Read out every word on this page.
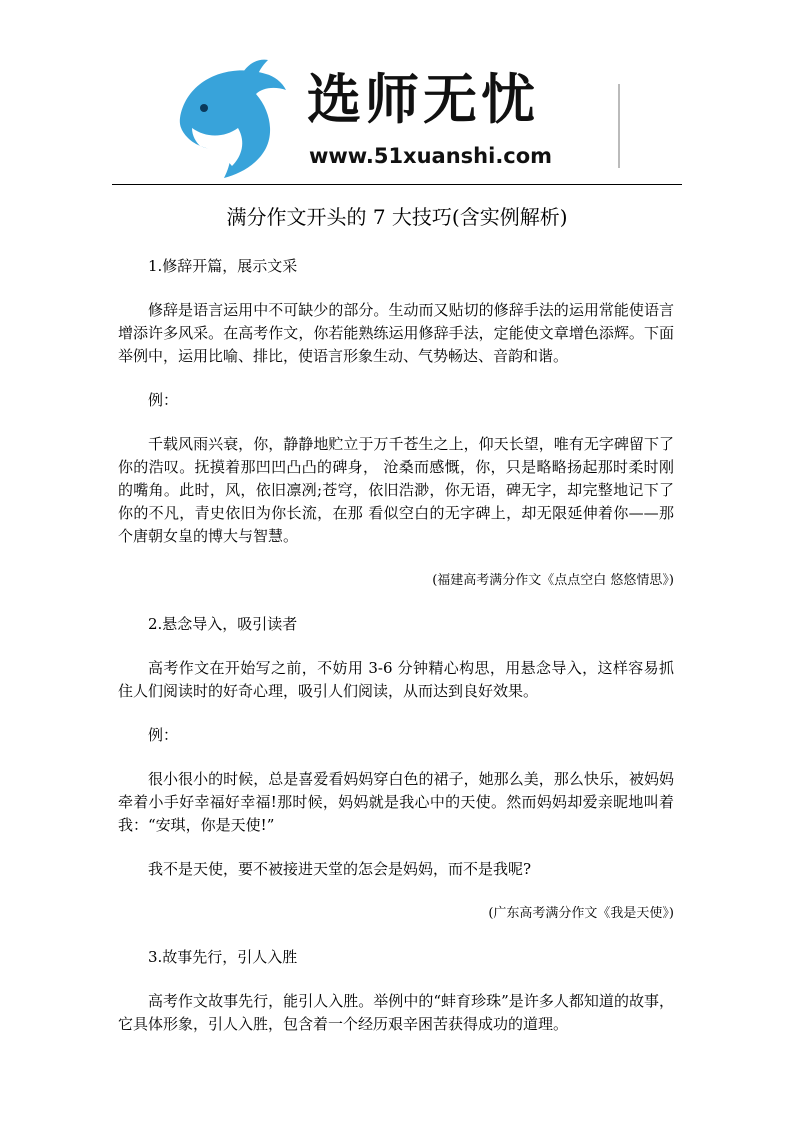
选师无忧
www.51xuanshi.com
满分作文开头的 7 大技巧(含实例解析)

1.修辞开篇，展示文采

修辞是语言运用中不可缺少的部分。生动而又贴切的修辞手法的运用常能使语言增添许多风采。在高考作文，你若能熟练运用修辞手法，定能使文章增色添辉。下面举例中，运用比喻、排比，使语言形象生动、气势畅达、音韵和谐。

例：

千载风雨兴衰，你，静静地贮立于万千苍生之上，仰天长望，唯有无字碑留下了你的浩叹。抚摸着那凹凹凸凸的碑身， 沧桑而感慨，你，只是略略扬起那时柔时刚的嘴角。此时，风，依旧凛冽;苍穹，依旧浩渺，你无语，碑无字，却完整地记下了你的不凡，青史依旧为你长流，在那 看似空白的无字碑上，却无限延伸着你——那个唐朝女皇的博大与智慧。

(福建高考满分作文《点点空白 悠悠情思》)

2.悬念导入，吸引读者

高考作文在开始写之前，不妨用 3-6 分钟精心构思，用悬念导入，这样容易抓住人们阅读时的好奇心理，吸引人们阅读，从而达到良好效果。

例：

很小很小的时候，总是喜爱看妈妈穿白色的裙子，她那么美，那么快乐，被妈妈牵着小手好幸福好幸福!那时候，妈妈就是我心中的天使。然而妈妈却爱亲昵地叫着我：“安琪，你是天使!”

我不是天使，要不被接进天堂的怎会是妈妈，而不是我呢?

(广东高考满分作文《我是天使》)

3.故事先行，引人入胜

高考作文故事先行，能引人入胜。举例中的“蚌育珍珠”是许多人都知道的故事，它具体形象，引人入胜，包含着一个经历艰辛困苦获得成功的道理。
